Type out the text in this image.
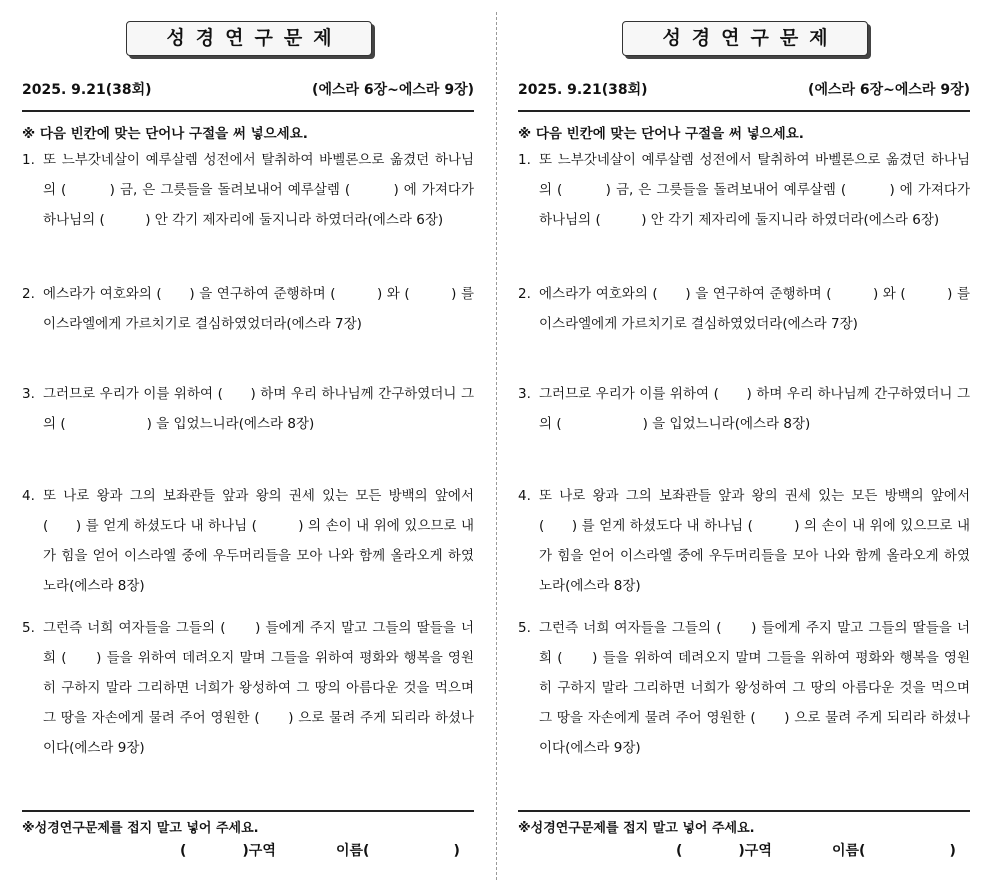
성경연구문제
2025. 9.21(38회)	(에스라 6장~에스라 9장)
※ 다음 빈칸에 맞는 단어나 구절을 써 넣으세요.
1. 또 느부갓네살이 예루살렘 성전에서 탈취하여 바벨론으로 옮겼던 하나님의 (　　　) 금, 은 그릇들을 돌려보내어 예루살렘 (　　　) 에 가져다가 하나님의 (　　　) 안 각기 제자리에 둘지니라 하였더라(에스라 6장)
2. 에스라가 여호와의 (　　) 을 연구하여 준행하며 (　　　) 와 (　　　) 를 이스라엘에게 가르치기로 결심하였었더라(에스라 7장)
3. 그러므로 우리가 이를 위하여 (　　) 하며 우리 하나님께 간구하였더니 그의 (　　　　　　) 을 입었느니라(에스라 8장)
4. 또 나로 왕과 그의 보좌관들 앞과 왕의 권세 있는 모든 방백의 앞에서 (　　) 를 얻게 하셨도다 내 하나님 (　　　) 의 손이 내 위에 있으므로 내가 힘을 얻어 이스라엘 중에 우두머리들을 모아 나와 함께 올라오게 하였노라(에스라 8장)
5. 그런즉 너희 여자들을 그들의 (　　) 들에게 주지 말고 그들의 딸들을 너희 (　　) 들을 위하여 데려오지 말며 그들을 위하여 평화와 행복을 영원히 구하지 말라 그리하면 너희가 왕성하여 그 땅의 아름다운 것을 먹으며 그 땅을 자손에게 물려 주어 영원한 (　　) 으로 물려 주게 되리라 하셨나이다(에스라 9장)
※성경연구문제를 접지 말고 넣어 주세요.
(　　　　)구역	이름(　　　　　　)
성경연구문제
2025. 9.21(38회)	(에스라 6장~에스라 9장)
※ 다음 빈칸에 맞는 단어나 구절을 써 넣으세요.
1. 또 느부갓네살이 예루살렘 성전에서 탈취하여 바벨론으로 옮겼던 하나님의 (　　　) 금, 은 그릇들을 돌려보내어 예루살렘 (　　　) 에 가져다가 하나님의 (　　　) 안 각기 제자리에 둘지니라 하였더라(에스라 6장)
2. 에스라가 여호와의 (　　) 을 연구하여 준행하며 (　　　) 와 (　　　) 를 이스라엘에게 가르치기로 결심하였었더라(에스라 7장)
3. 그러므로 우리가 이를 위하여 (　　) 하며 우리 하나님께 간구하였더니 그의 (　　　　　　) 을 입었느니라(에스라 8장)
4. 또 나로 왕과 그의 보좌관들 앞과 왕의 권세 있는 모든 방백의 앞에서 (　　) 를 얻게 하셨도다 내 하나님 (　　　) 의 손이 내 위에 있으므로 내가 힘을 얻어 이스라엘 중에 우두머리들을 모아 나와 함께 올라오게 하였노라(에스라 8장)
5. 그런즉 너희 여자들을 그들의 (　　) 들에게 주지 말고 그들의 딸들을 너희 (　　) 들을 위하여 데려오지 말며 그들을 위하여 평화와 행복을 영원히 구하지 말라 그리하면 너희가 왕성하여 그 땅의 아름다운 것을 먹으며 그 땅을 자손에게 물려 주어 영원한 (　　) 으로 물려 주게 되리라 하셨나이다(에스라 9장)
※성경연구문제를 접지 말고 넣어 주세요.
(　　　　)구역	이름(　　　　　　)
